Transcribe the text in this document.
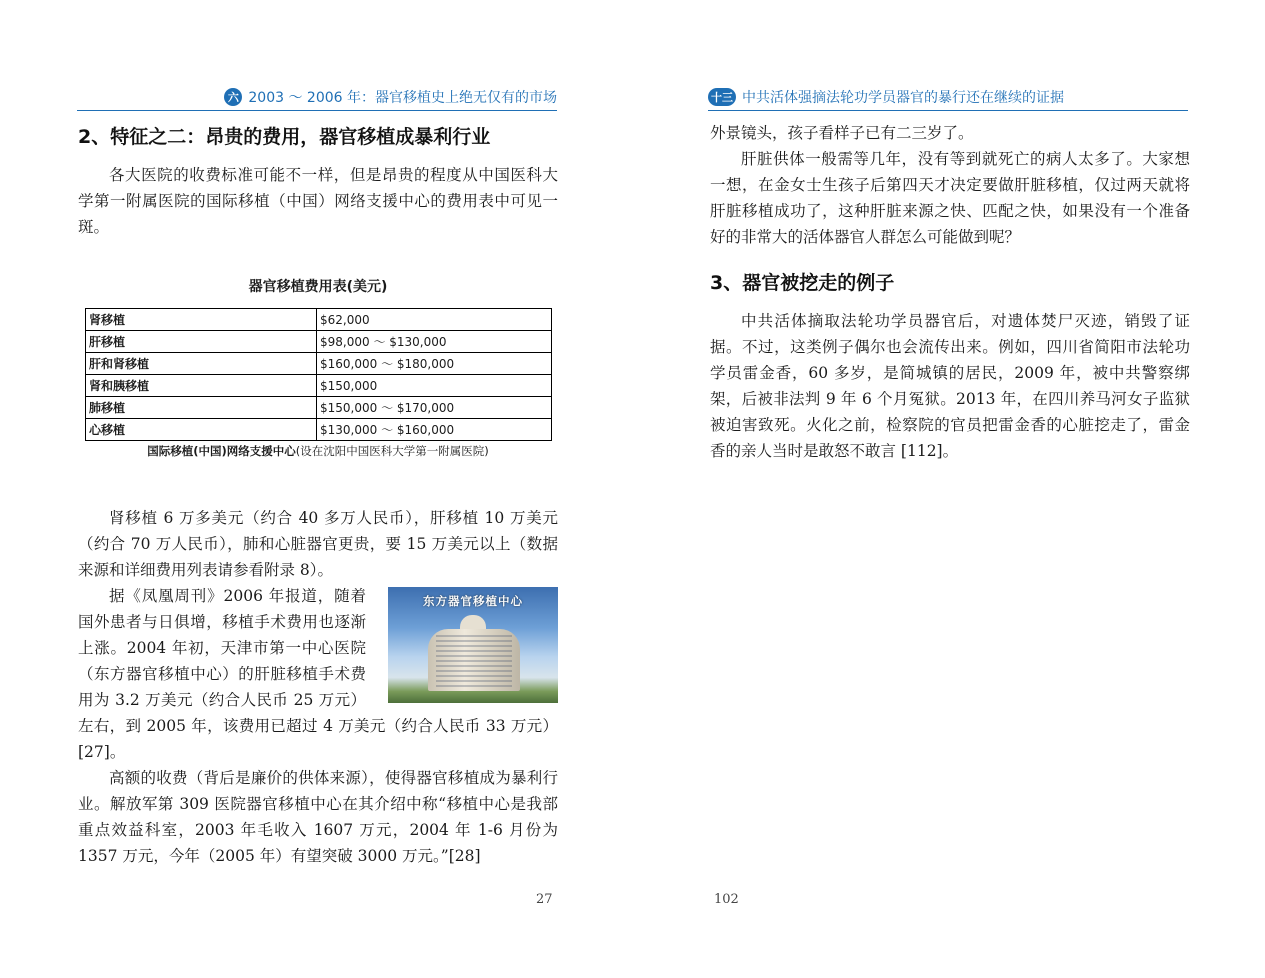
六 2003 ～ 2006 年：器官移植史上绝无仅有的市场
2、特征之二：昂贵的费用，器官移植成暴利行业

各大医院的收费标准可能不一样，但是昂贵的程度从中国医科大学第一附属医院的国际移植（中国）网络支援中心的费用表中可见一斑。

器官移植费用表(美元)
肾移植	$62,000
肝移植	$98,000 ～ $130,000
肝和肾移植	$160,000 ～ $180,000
肾和胰移植	$150,000
肺移植	$150,000 ～ $170,000
心移植	$130,000 ～ $160,000
国际移植(中国)网络支援中心(设在沈阳中国医科大学第一附属医院)

肾移植 6 万多美元（约合 40 多万人民币），肝移植 10 万美元（约合 70 万人民币），肺和心脏器官更贵，要 15 万美元以上（数据来源和详细费用列表请参看附录 8）。

东方器官移植中心

据《凤凰周刊》2006 年报道，随着国外患者与日俱增，移植手术费用也逐渐上涨。2004 年初，天津市第一中心医院（东方器官移植中心）的肝脏移植手术费用为 3.2 万美元（约合人民币 25 万元）左右，到 2005 年，该费用已超过 4 万美元（约合人民币 33 万元）[27]。

高额的收费（背后是廉价的供体来源），使得器官移植成为暴利行业。解放军第 309 医院器官移植中心在其介绍中称“移植中心是我部重点效益科室，2003 年毛收入 1607 万元，2004 年 1-6 月份为 1357 万元，今年（2005 年）有望突破 3000 万元。”[28]

27
十三 中共活体强摘法轮功学员器官的暴行还在继续的证据

外景镜头，孩子看样子已有二三岁了。

肝脏供体一般需等几年，没有等到就死亡的病人太多了。大家想一想，在金女士生孩子后第四天才决定要做肝脏移植，仅过两天就将肝脏移植成功了，这种肝脏来源之快、匹配之快，如果没有一个准备好的非常大的活体器官人群怎么可能做到呢？

3、器官被挖走的例子

中共活体摘取法轮功学员器官后，对遗体焚尸灭迹，销毁了证据。不过，这类例子偶尔也会流传出来。例如，四川省简阳市法轮功学员雷金香，60 多岁，是简城镇的居民，2009 年，被中共警察绑架，后被非法判 9 年 6 个月冤狱。2013 年，在四川养马河女子监狱被迫害致死。火化之前，检察院的官员把雷金香的心脏挖走了，雷金香的亲人当时是敢怒不敢言 [112]。

102
